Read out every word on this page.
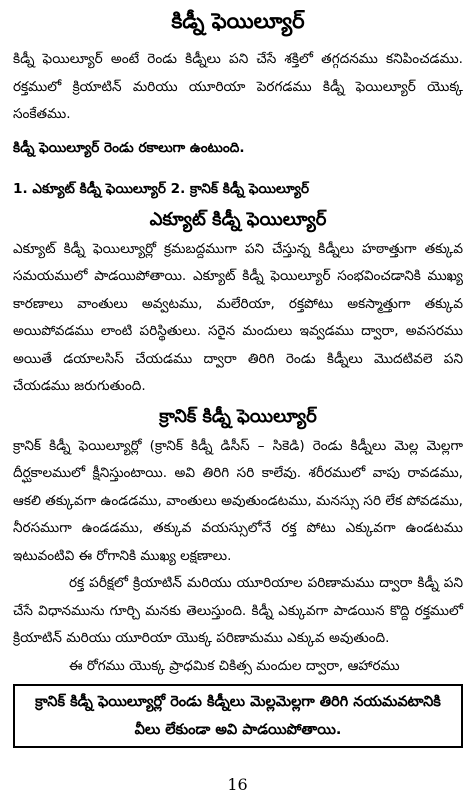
కిడ్నీ ఫెయిల్యూర్

కిడ్నీ ఫెయిల్యూర్ అంటే రెండు కిడ్నీలు పని చేసే శక్తిలో తగ్గదనము కనిపించడము. రక్తములో క్రియాటిన్ మరియు యూరియా పెరగడము కిడ్నీ ఫెయిల్యూర్ యొక్క సంకేతము.

కిడ్నీ ఫెయిల్యూర్ రెండు రకాలుగా ఉంటుంది.

1. ఎక్యూట్ కిడ్నీ ఫెయిల్యూర్ 2. క్రానిక్ కిడ్నీ ఫెయిల్యూర్

ఎక్యూట్ కిడ్నీ ఫెయిల్యూర్

ఎక్యూట్ కిడ్నీ ఫెయిల్యూర్లో క్రమబద్దముగా పని చేస్తున్న కిడ్నీలు హఠాత్తుగా తక్కువ సమయములో పాడయిపోతాయి. ఎక్యూట్ కిడ్నీ ఫెయిల్యూర్ సంభవించడానికి ముఖ్య కారణాలు వాంతులు అవ్వటము, మలేరియా, రక్తపోటు అకస్మాత్తుగా తక్కువ అయిపోవడము లాంటి పరిస్థితులు. సరైన మందులు ఇవ్వడము ద్వారా, అవసరము అయితే డయాలసిస్ చేయడము ద్వారా తిరిగి రెండు కిడ్నీలు మొదటివలె పని చేయడము జరుగుతుంది.

క్రానిక్ కిడ్నీ ఫెయిల్యూర్

క్రానిక్ కిడ్నీ ఫెయిల్యూర్లో (క్రానిక్ కిడ్నీ డిసీస్ – సికెడి) రెండు కిడ్నీలు మెల్ల మెల్లగా దీర్ఘకాలములో క్షీనిస్తుంటాయి. అవి తిరిగి సరి కాలేవు. శరీరములో వాపు రావడము, ఆకలి తక్కువగా ఉండడము, వాంతులు అవుతుండటము, మనస్సు సరి లేక పోవడము, నీరసముగా ఉండడము, తక్కువ వయస్సులోనే రక్త పోటు ఎక్కువగా ఉండటము ఇటువంటివి ఈ రోగానికి ముఖ్య లక్షణాలు.

రక్త పరీక్షలో క్రియాటిన్ మరియు యూరియాల పరిణామము ద్వారా కిడ్నీ పని చేసే విధానమును గూర్చి మనకు తెలుస్తుంది. కిడ్నీ ఎక్కువగా పాడయిన కొద్ది రక్తములో క్రియాటిన్ మరియు యూరియా యొక్క పరిణామము ఎక్కువ అవుతుంది.

ఈ రోగము యొక్క ప్రాధమిక చికిత్స మందుల ద్వారా, ఆహారము

క్రానిక్ కిడ్నీ ఫెయిల్యూర్లో రెండు కిడ్నీలు మెల్లమెల్లగా తిరిగి నయమవటానికి వీలు లేకుండా అవి పాడయిపోతాయి.
16
